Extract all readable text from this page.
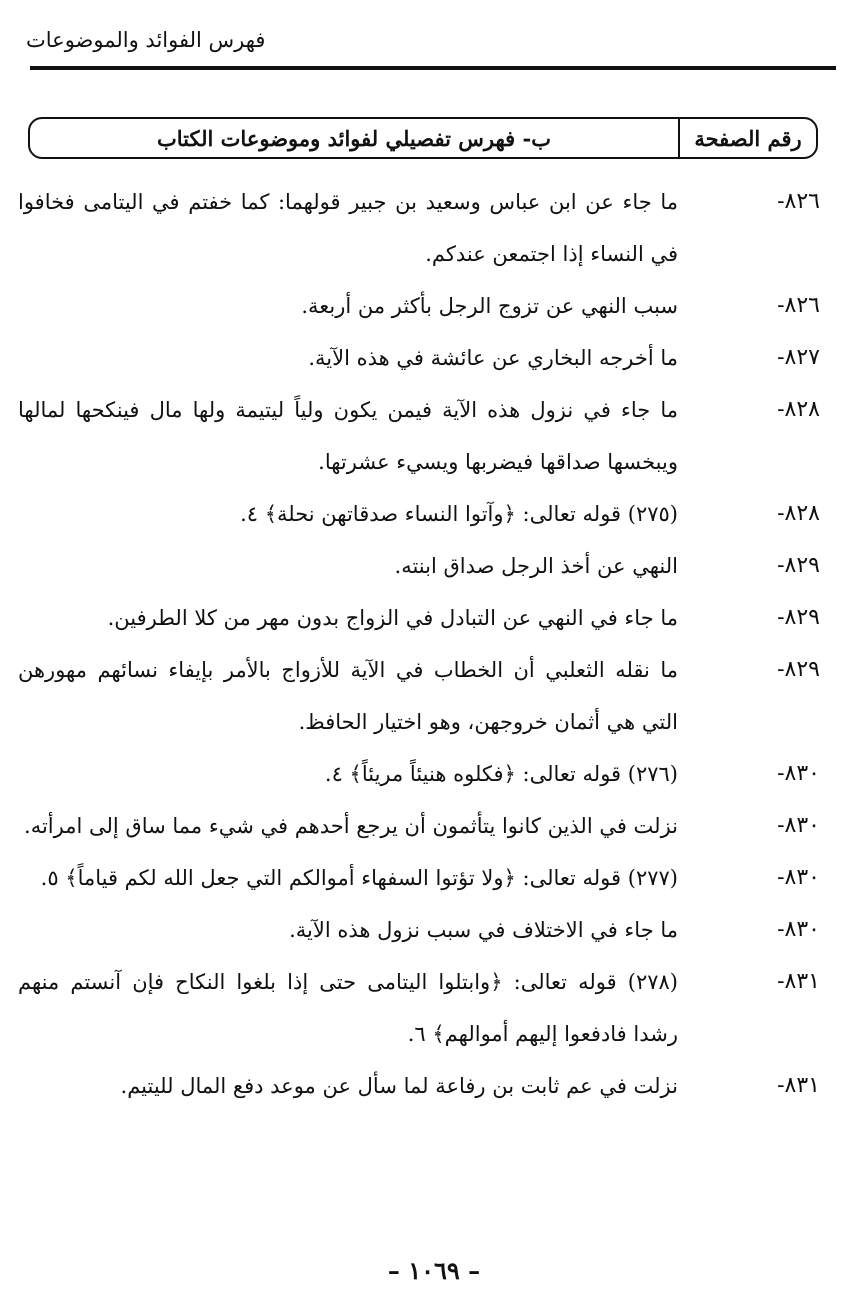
فهرس الفوائد والموضوعات
رقم الصفحة
ب- فهرس تفصيلي لفوائد وموضوعات الكتاب
٨٢٦-
ما جاء عن ابن عباس وسعيد بن جبير قولهما: كما خفتم في اليتامى فخافوا في النساء إذا اجتمعن عندكم.
٨٢٦-
سبب النهي عن تزوج الرجل بأكثر من أربعة.
٨٢٧-
ما أخرجه البخاري عن عائشة في هذه الآية.
٨٢٨-
ما جاء في نزول هذه الآية فيمن يكون ولياً ليتيمة ولها مال فينكحها لمالها ويبخسها صداقها فيضربها ويسيء عشرتها.
٨٢٨-
(٢٧٥) قوله تعالى: ﴿وآتوا النساء صدقاتهن نحلة﴾ ٤.
٨٢٩-
النهي عن أخذ الرجل صداق ابنته.
٨٢٩-
ما جاء في النهي عن التبادل في الزواج بدون مهر من كلا الطرفين.
٨٢٩-
ما نقله الثعلبي أن الخطاب في الآية للأزواج بالأمر بإيفاء نسائهم مهورهن التي هي أثمان خروجهن، وهو اختيار الحافظ.
٨٣٠-
(٢٧٦) قوله تعالى: ﴿فكلوه هنيئاً مريئاً﴾ ٤.
٨٣٠-
نزلت في الذين كانوا يتأثمون أن يرجع أحدهم في شيء مما ساق إلى امرأته.
٨٣٠-
(٢٧٧) قوله تعالى: ﴿ولا تؤتوا السفهاء أموالكم التي جعل الله لكم قياماً﴾ ٥.
٨٣٠-
ما جاء في الاختلاف في سبب نزول هذه الآية.
٨٣١-
(٢٧٨) قوله تعالى: ﴿وابتلوا اليتامى حتى إذا بلغوا النكاح فإن آنستم منهم رشدا فادفعوا إليهم أموالهم﴾ ٦.
٨٣١-
نزلت في عم ثابت بن رفاعة لما سأل عن موعد دفع المال لليتيم.
– ١٠٦٩ –
